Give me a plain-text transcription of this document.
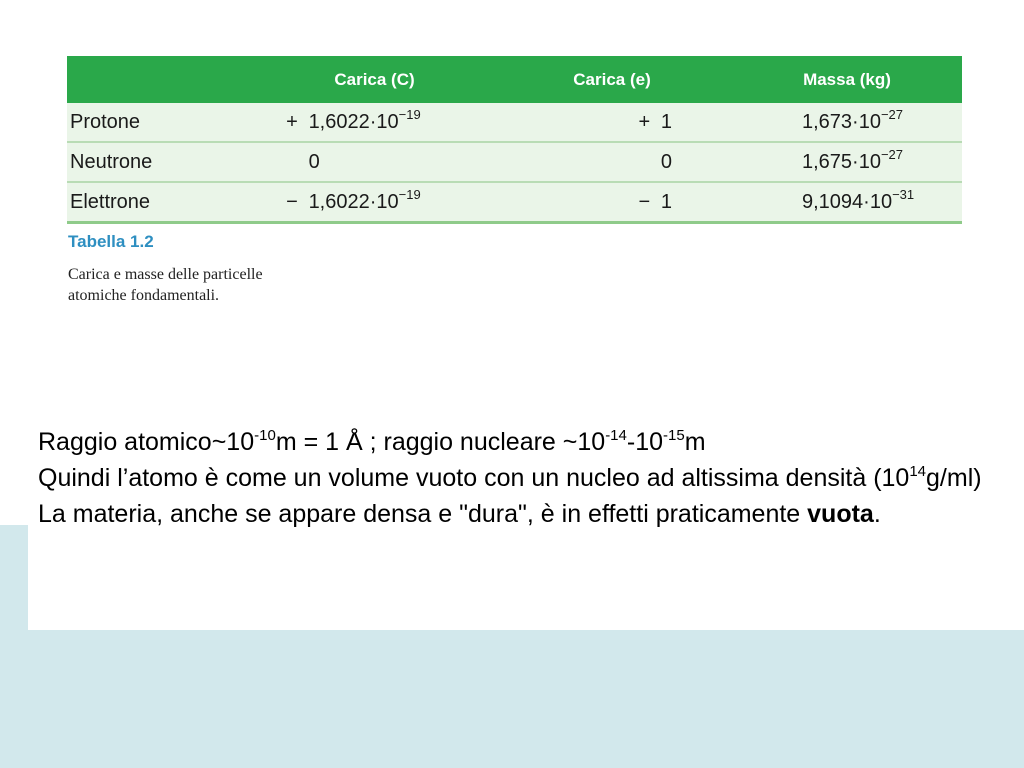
	Carica (C)	Carica (e)	Massa (kg)
Protone	+ $1,6022\cdot 10^{-19}$	+ 1	$1,673\cdot 10^{-27}$
Neutrone	0	0	$1,675\cdot 10^{-27}$
Elettrone	− $1,6022\cdot 10^{-19}$	− 1	$9,1094\cdot 10^{-31}$
Tabella 1.2
Carica e masse delle particelle
atomiche fondamentali.

Raggio $atomico\sim 10^{-10}m = 1$ Å ; raggio nucleare $\sim 10^{-14}-10^{-15}m$

Quindi l’atomo è come un volume vuoto con un nucleo ad altissima densità $(10^{14}g/ml)$

La materia, anche se appare densa e "dura", è in effetti praticamente vuota.
